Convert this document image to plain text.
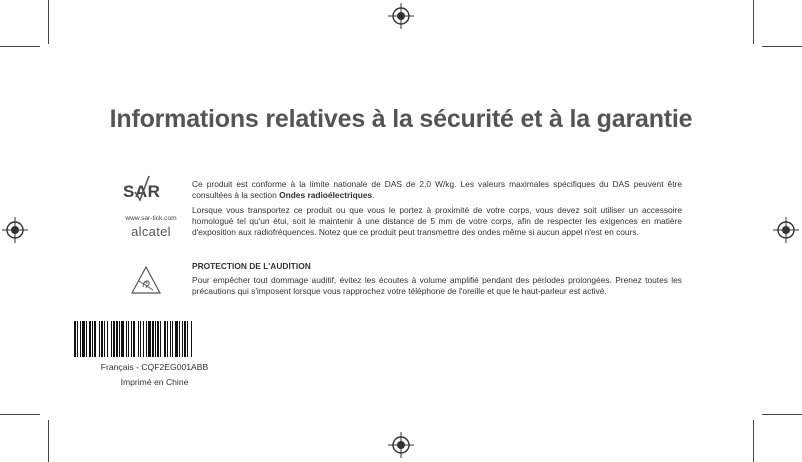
Informations relatives à la sécurité et à la garantie
SAR
www.sar-tick.com
alcatel

Ce produit est conforme à la limite nationale de DAS de 2,0 W/kg. Les valeurs maximales spécifiques du DAS peuvent être consultées à la section Ondes radioélectriques.

Lorsque vous transportez ce produit ou que vous le portez à proximité de votre corps, vous devez soit utiliser un accessoire homologué tel qu'un étui, soit le maintenir à une distance de 5 mm de votre corps, afin de respecter les exigences en matière d'exposition aux radiofréquences. Notez que ce produit peut transmettre des ondes même si aucun appel n'est en cours.

PROTECTION DE L'AUDITION

Pour empêcher tout dommage auditif, évitez les écoutes à volume amplifié pendant des périodes prolongées. Prenez toutes les précautions qui s'imposent lorsque vous rapprochez votre téléphone de l'oreille et que le haut-parleur est activé.

Français - CQF2EG001ABB
Imprimé en Chine
